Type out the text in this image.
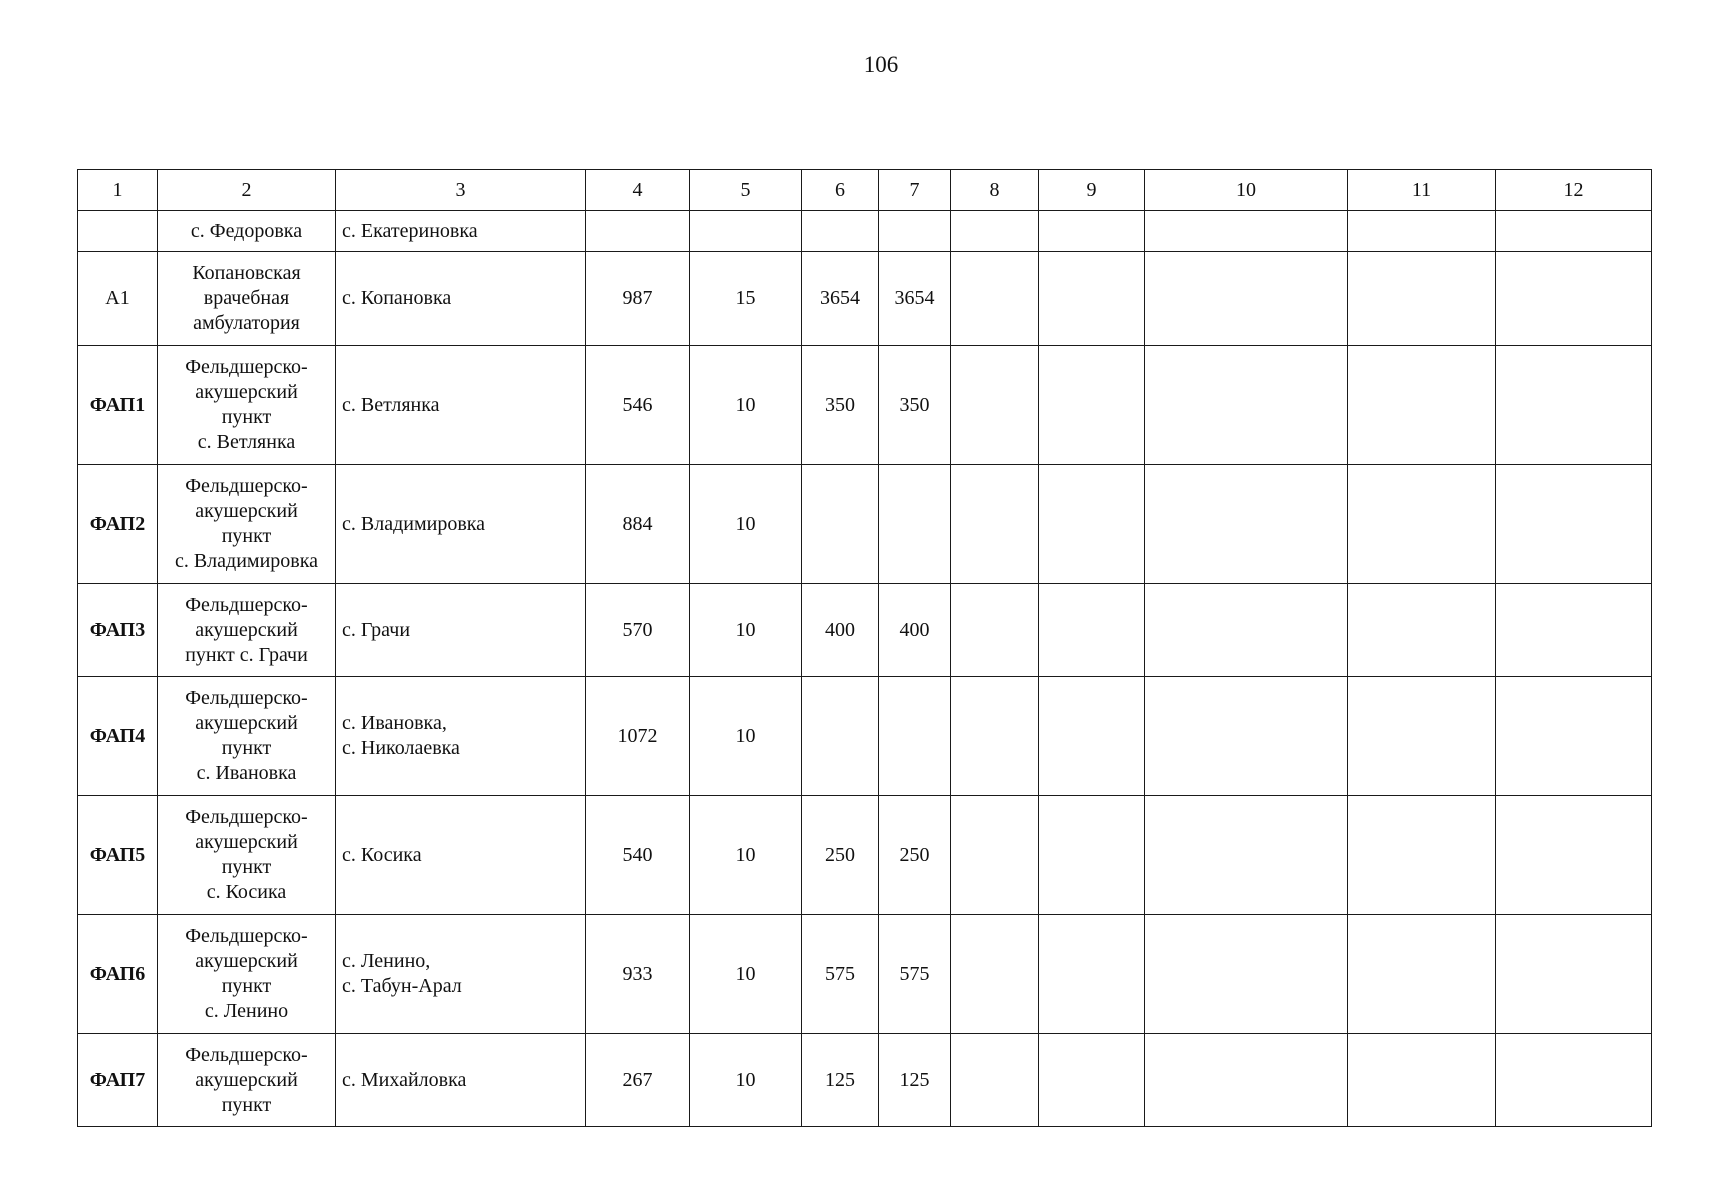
106
1	2	3	4	5	6	7	8	9	10	11	12

	с. Федоровка	с. Екатериновка									

А1	Копановская
врачебная
амбулатория	с. Копановка	987	15	3654	3654					
ФАП1	Фельдшерско-
акушерский
пункт
с. Ветлянка	с. Ветлянка	546	10	350	350					
ФАП2	Фельдшерско-
акушерский
пункт
с. Владимировка	с. Владимировка	884	10							
ФАП3	Фельдшерско-
акушерский
пункт с. Грачи	с. Грачи	570	10	400	400					
ФАП4	Фельдшерско-
акушерский
пункт
с. Ивановка	с. Ивановка,
с. Николаевка	1072	10							
ФАП5	Фельдшерско-
акушерский
пункт
с. Косика	с. Косика	540	10	250	250					
ФАП6	Фельдшерско-
акушерский
пункт
с. Ленино	с. Ленино,
с. Табун-Арал	933	10	575	575					
ФАП7	Фельдшерско-
акушерский
пункт	с. Михайловка	267	10	125	125					
